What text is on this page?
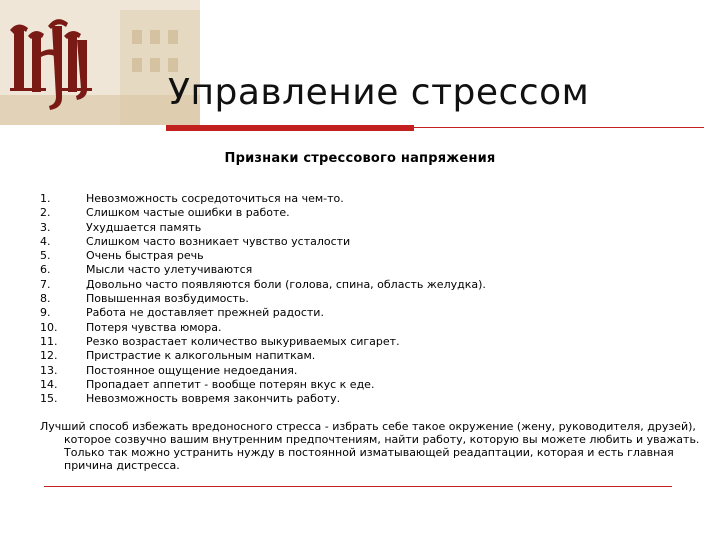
Управление стрессом
Признаки стрессового напряжения
1.	Невозможность сосредоточиться на чем-то.
2.	Слишком частые ошибки в работе.
3.	Ухудшается память
4.	Слишком часто возникает чувство усталости
5.	Очень быстрая речь
6.	Мысли часто улетучиваются
7.	Довольно часто появляются боли (голова, спина, область желудка).
8.	Повышенная возбудимость.
9.	Работа не доставляет прежней радости.
10.	Потеря чувства юмора.
11.	Резко возрастает количество выкуриваемых сигарет.
12.	Пристрастие к алкогольным напиткам.
13.	Постоянное ощущение недоедания.
14.	Пропадает аппетит - вообще потерян вкус к еде.
15.	Невозможность вовремя закончить работу.
Лучший способ избежать вредоносного стресса - избрать себе такое окружение (жену, руководителя, друзей), которое созвучно вашим внутренним предпочтениям, найти работу, которую вы можете любить и уважать. Только так можно устранить нужду в постоянной изматывающей реадаптации, которая и есть главная причина дистресса.
